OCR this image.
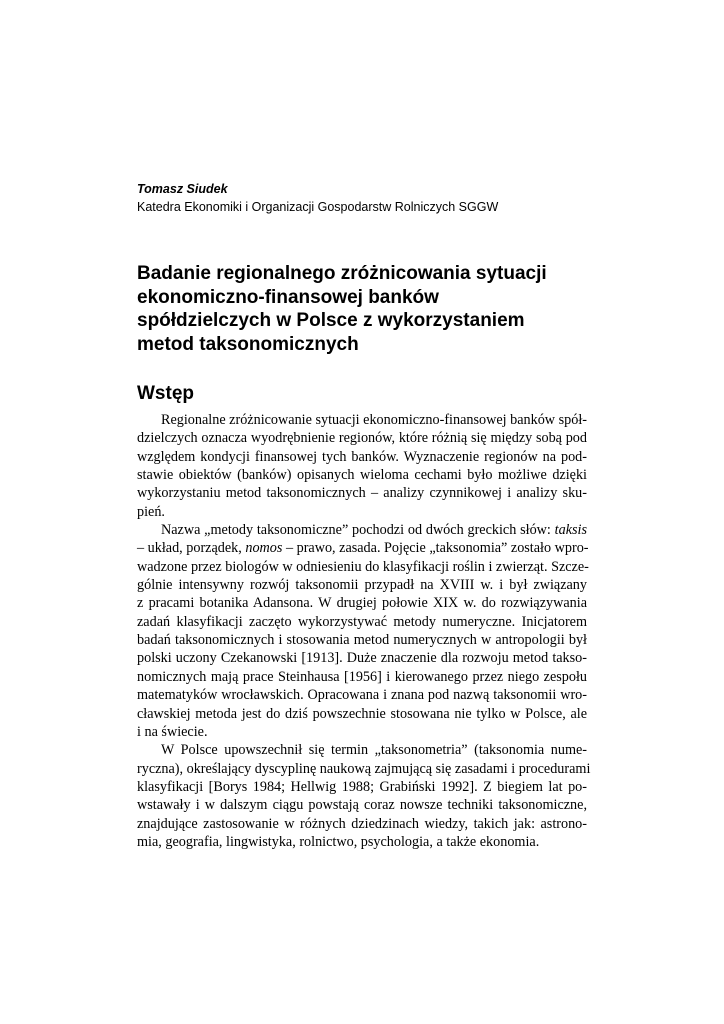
Tomasz Siudek
Katedra Ekonomiki i Organizacji Gospodarstw Rolniczych SGGW
Badanie regionalnego zróżnicowania sytuacji
ekonomiczno-finansowej banków
spółdzielczych w Polsce z wykorzystaniem
metod taksonomicznych
Wstęp
Regionalne zróżnicowanie sytuacji ekonomiczno-finansowej banków spół-
dzielczych oznacza wyodrębnienie regionów, które różnią się między sobą pod
względem kondycji finansowej tych banków. Wyznaczenie regionów na pod-
stawie obiektów (banków) opisanych wieloma cechami było możliwe dzięki
wykorzystaniu metod taksonomicznych – analizy czynnikowej i analizy sku-
pień.
Nazwa „metody taksonomiczne” pochodzi od dwóch greckich słów: taksis
– układ, porządek, nomos – prawo, zasada. Pojęcie „taksonomia” zostało wpro-
wadzone przez biologów w odniesieniu do klasyfikacji roślin i zwierząt. Szcze-
gólnie intensywny rozwój taksonomii przypadł na XVIII w. i był związany
z pracami botanika Adansona. W drugiej połowie XIX w. do rozwiązywania
zadań klasyfikacji zaczęto wykorzystywać metody numeryczne. Inicjatorem
badań taksonomicznych i stosowania metod numerycznych w antropologii był
polski uczony Czekanowski [1913]. Duże znaczenie dla rozwoju metod takso-
nomicznych mają prace Steinhausa [1956] i kierowanego przez niego zespołu
matematyków wrocławskich. Opracowana i znana pod nazwą taksonomii wro-
cławskiej metoda jest do dziś powszechnie stosowana nie tylko w Polsce, ale
i na świecie.
W Polsce upowszechnił się termin „taksonometria” (taksonomia nume-
ryczna), określający dyscyplinę naukową zajmującą się zasadami i procedurami
klasyfikacji [Borys 1984; Hellwig 1988; Grabiński 1992]. Z biegiem lat po-
wstawały i w dalszym ciągu powstają coraz nowsze techniki taksonomiczne,
znajdujące zastosowanie w różnych dziedzinach wiedzy, takich jak: astrono-
mia, geografia, lingwistyka, rolnictwo, psychologia, a także ekonomia.
